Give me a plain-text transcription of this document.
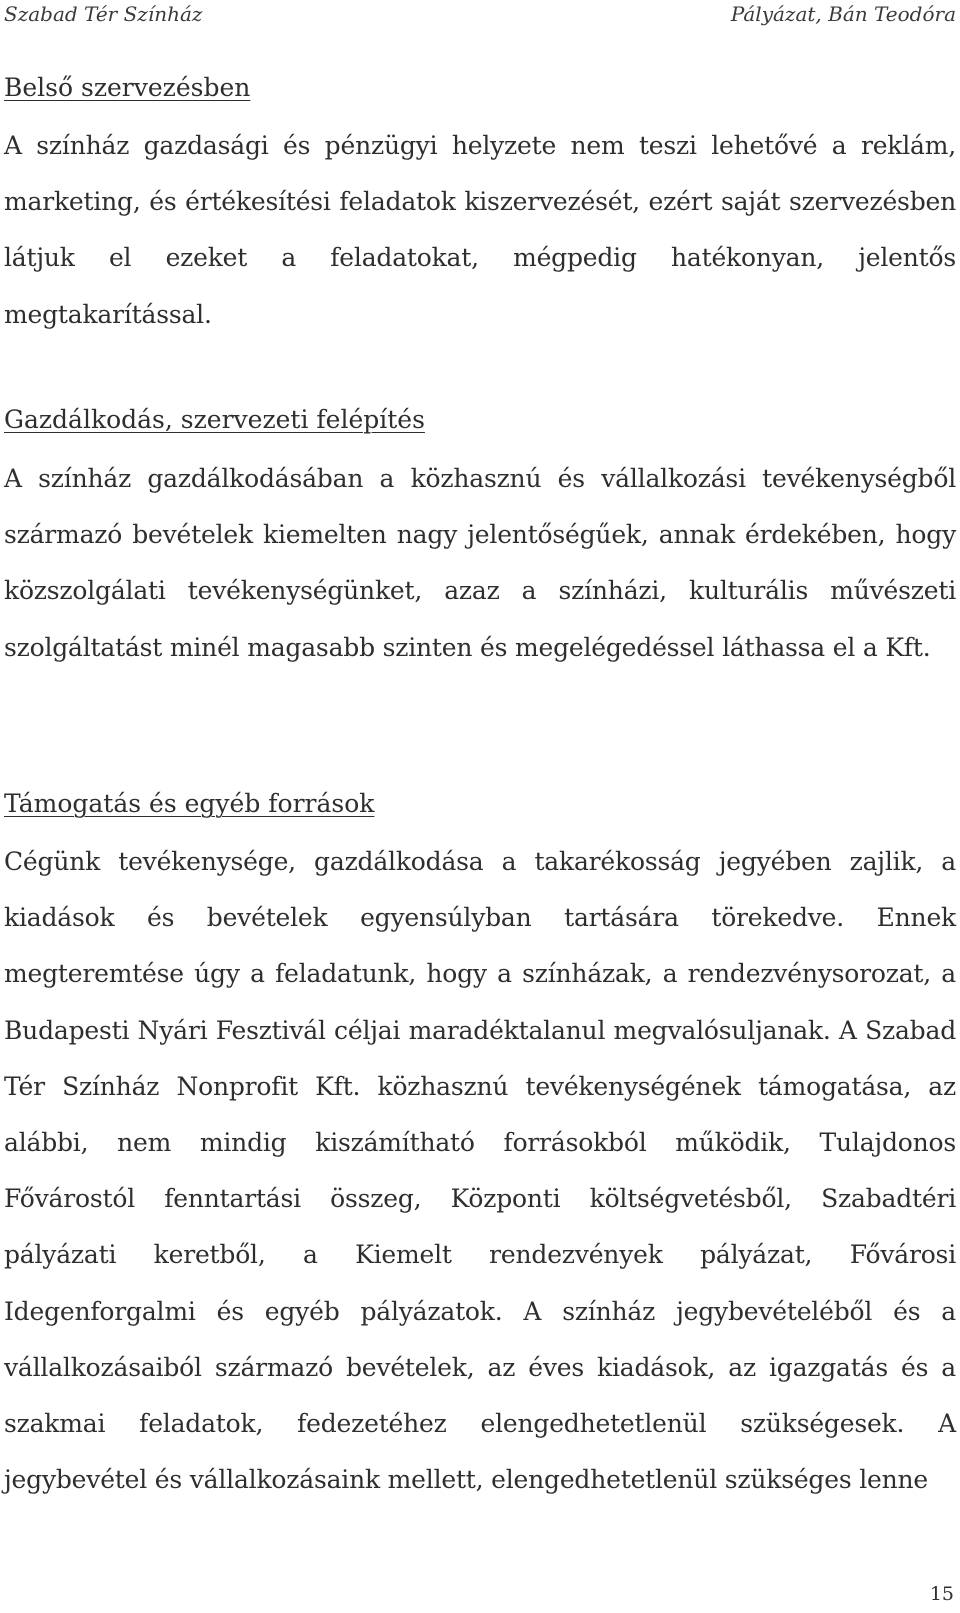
Szabad Tér Színház	Pályázat, Bán Teodóra
Belső szervezésben

A színház gazdasági és pénzügyi helyzete nem teszi lehetővé a reklám, marketing, és értékesítési feladatok kiszervezését, ezért saját szervezésben látjuk el ezeket a feladatokat, mégpedig hatékonyan, jelentős megtakarítással.

Gazdálkodás, szervezeti felépítés

A színház gazdálkodásában a közhasznú és vállalkozási tevékenységből származó bevételek kiemelten nagy jelentőségűek, annak érdekében, hogy közszolgálati tevékenységünket, azaz a színházi, kulturális művészeti szolgáltatást minél magasabb szinten és megelégedéssel láthassa el a Kft.

Támogatás és egyéb források

Cégünk tevékenysége, gazdálkodása a takarékosság jegyében zajlik, a kiadások és bevételek egyensúlyban tartására törekedve. Ennek megteremtése úgy a feladatunk, hogy a színházak, a rendezvénysorozat, a Budapesti Nyári Fesztivál céljai maradéktalanul megvalósuljanak. A Szabad Tér Színház Nonprofit Kft. közhasznú tevékenységének támogatása, az alábbi, nem mindig kiszámítható forrásokból működik, Tulajdonos Fővárostól fenntartási összeg, Központi költségvetésből, Szabadtéri pályázati keretből, a Kiemelt rendezvények pályázat, Fővárosi Idegenforgalmi és egyéb pályázatok. A színház jegybevételéből és a vállalkozásaiból származó bevételek, az éves kiadások, az igazgatás és a szakmai feladatok, fedezetéhez elengedhetetlenül szükségesek. A jegybevétel és vállalkozásaink mellett, elengedhetetlenül szükséges lenne

15
